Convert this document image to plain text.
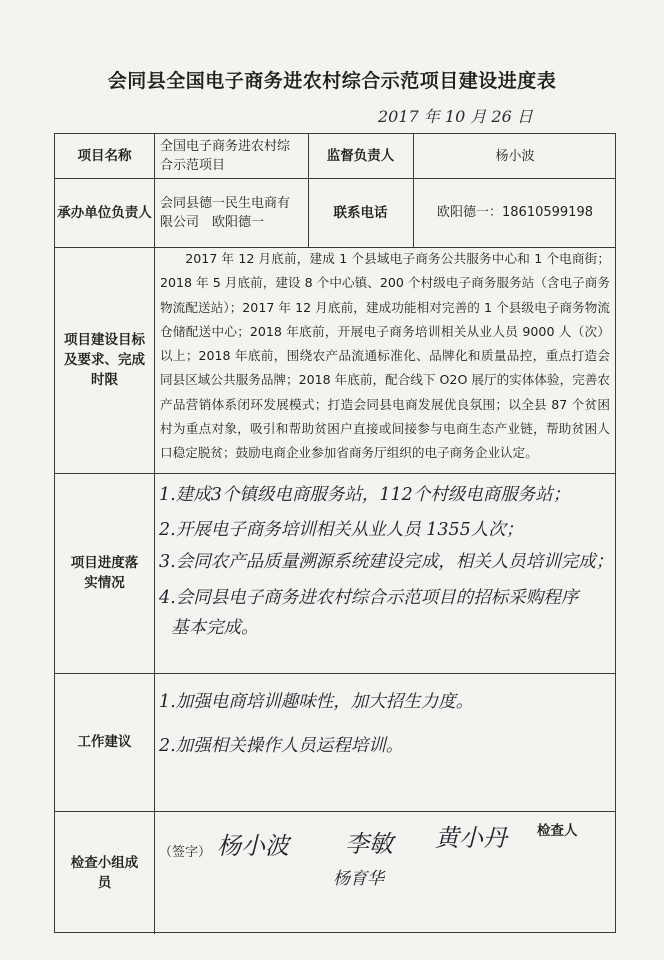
会同县全国电子商务进农村综合示范项目建设进度表
2017 年 10 月 26 日
项目名称
全国电子商务进农村综合示范项目
监督负责人	杨小波
承办单位负责人
会同县德一民生电商有限公司　欧阳德一
联系电话	欧阳德一：18610599198
项目建设目标及要求、完成时限
2017 年 12 月底前，建成 1 个县域电子商务公共服务中心和 1 个电商街；2018 年 5 月底前，建设 8 个中心镇、200 个村级电子商务服务站（含电子商务物流配送站）；2017 年 12 月底前，建成功能相对完善的 1 个县级电子商务物流仓储配送中心；2018 年底前，开展电子商务培训相关从业人员 9000 人（次）以上；2018 年底前，围绕农产品流通标准化、品牌化和质量品控，重点打造会同县区域公共服务品牌；2018 年底前，配合线下 O2O 展厅的实体体验，完善农产品营销体系闭环发展模式；打造会同县电商发展优良氛围；以全县 87 个贫困村为重点对象，吸引和帮助贫困户直接或间接参与电商生态产业链，帮助贫困人口稳定脱贫；鼓励电商企业参加省商务厅组织的电子商务企业认定。
项目进度落实情况
1.建成3个镇级电商服务站，112个村级电商服务站；
2.开展电子商务培训相关从业人员 1355人次；
3.会同农产品质量溯源系统建设完成，相关人员培训完成；
4.会同县电子商务进农村综合示范项目的招标采购程序
基本完成。
工作建议
1.加强电商培训趣味性，加大招生力度。
2.加强相关操作人员运程培训。
检查小组成员
（签字）
检查人
杨小波 李敏 黄小丹
杨育华
